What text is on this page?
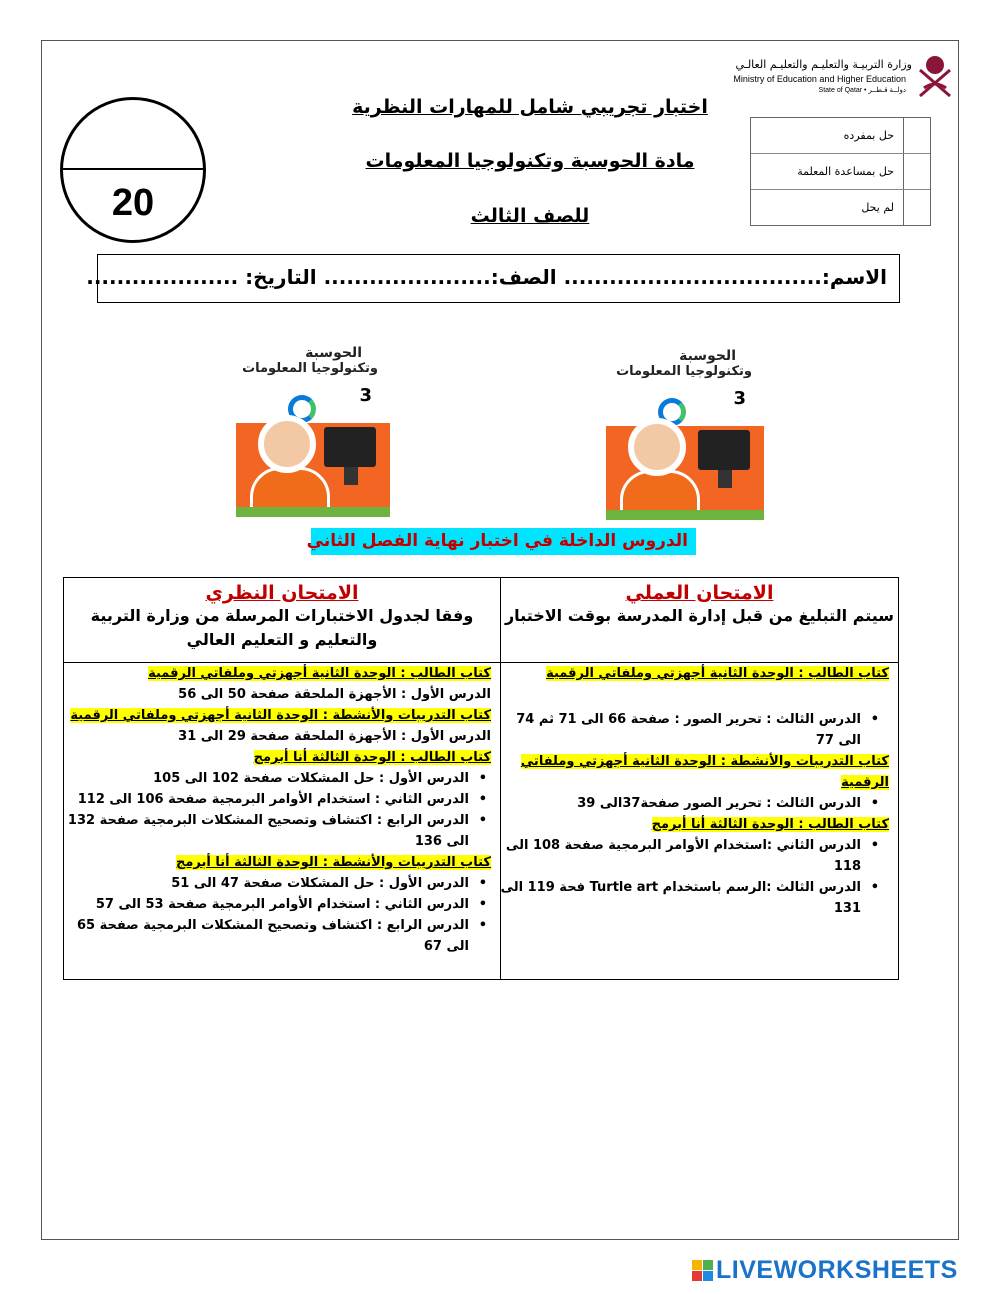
20
اختبار تجريبي شامل للمهارات النظرية
مادة الحوسبة وتكنولوجيا المعلومات
للصف الثالث
وزارة التربيـة والتعليـم والتعليـم العالـي
Ministry of Education and Higher Education
State of Qatar • دولــة قـطــر
حل بمفرده
حل بمساعدة المعلمة
لم يحل
الاسم:.................................. الصف:...................... التاريخ: ....................
الحوسبة
وتكنولوجيا المعلومات
3
الحوسبة
وتكنولوجيا المعلومات
3
الدروس الداخلة في اختبار نهاية الفصل الثاني
الامتحان النظري
وفقا لجدول الاختبارات المرسلة من وزارة التربية
والتعليم و التعليم العالي
الامتحان العملي
سيتم التبليغ من قبل إدارة المدرسة بوقت الاختبار
كتاب الطالب : الوحدة الثانية أجهزتي وملفاتي الرقمية
الدرس الأول : الأجهزة الملحقة صفحة 50 الى 56
كتاب التدريبات والأنشطة : الوحدة الثانية أجهزتي وملفاتي الرقمية
الدرس الأول : الأجهزة الملحقة صفحة 29 الى 31
كتاب الطالب : الوحدة الثالثة أنا أبرمج
• الدرس الأول : حل المشكلات صفحة 102 الى 105
• الدرس الثاني : استخدام الأوامر البرمجية صفحة 106 الى 112
• الدرس الرابع : اكتشاف وتصحيح المشكلات البرمجية صفحة 132
الى 136
كتاب التدريبات والأنشطة : الوحدة الثالثة أنا أبرمج
• الدرس الأول : حل المشكلات صفحة 47 الى 51
• الدرس الثاني : استخدام الأوامر البرمجية صفحة 53 الى 57
• الدرس الرابع : اكتشاف وتصحيح المشكلات البرمجية صفحة 65
الى 67
كتاب الطالب : الوحدة الثانية أجهزتي وملفاتي الرقمية
• الدرس الثالث : تحرير الصور : صفحة 66 الى 71 ثم 74
الى 77
كتاب التدريبات والأنشطة : الوحدة الثانية أجهزتي وملفاتي
الرقمية
• الدرس الثالث : تحرير الصور صفحة37الى 39
كتاب الطالب : الوحدة الثالثة أنا أبرمج
• الدرس الثاني :استخدام الأوامر البرمجية صفحة 108 الى
118
• الدرس الثالث :الرسم باستخدام Turtle art فحة 119 الى
131
LIVEWORKSHEETS
